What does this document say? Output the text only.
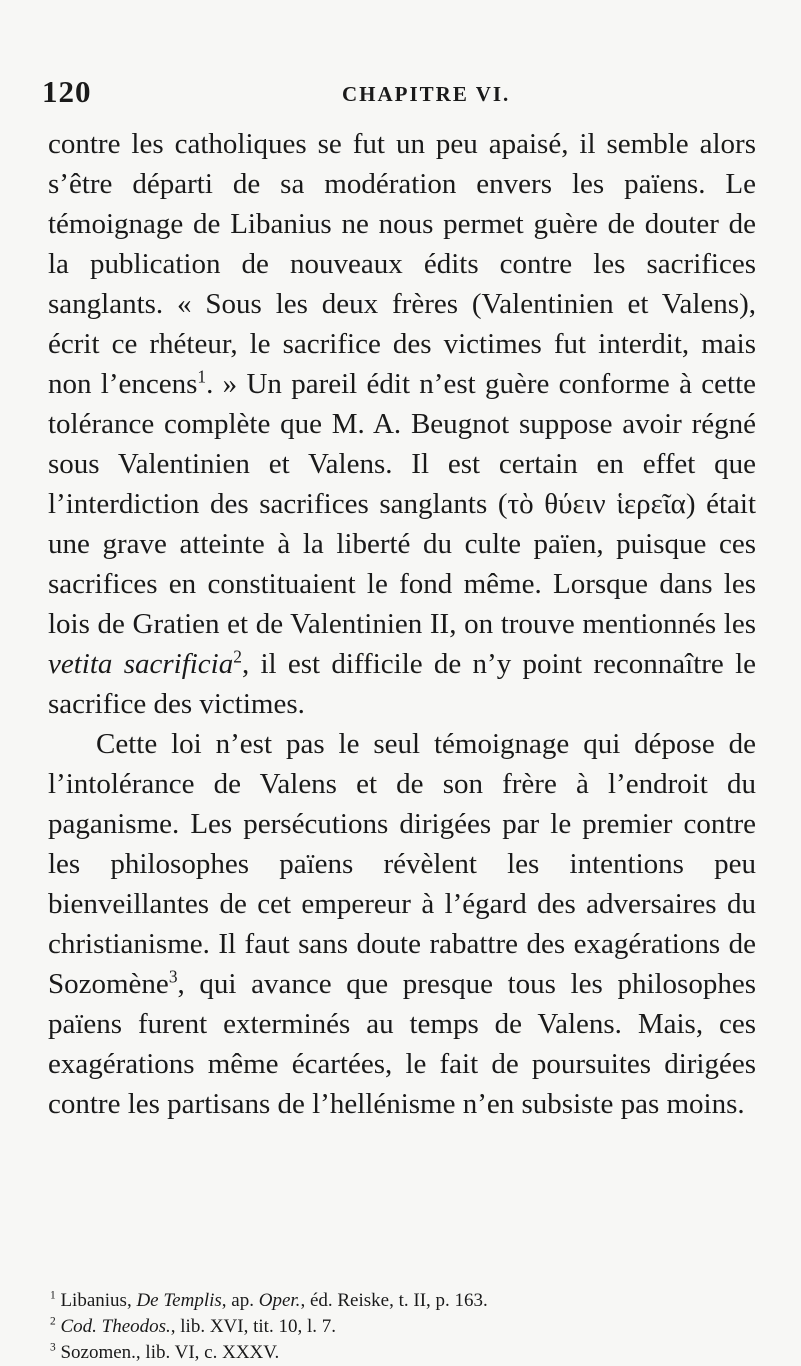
120	CHAPITRE VI.

contre les catholiques se fut un peu apaisé, il semble alors s’être départi de sa modération envers les païens. Le témoignage de Libanius ne nous permet guère de douter de la publication de nouveaux édits contre les sacrifices sanglants. « Sous les deux frères (Valentinien et Valens), écrit ce rhéteur, le sacrifice des victimes fut interdit, mais non l’encens$^1$. » Un pareil édit n’est guère conforme à cette tolérance complète que M. A. Beugnot suppose avoir régné sous Valentinien et Valens. Il est certain en effet que l’interdiction des sacrifices sanglants (τὸ θύειν ἱερεῖα) était une grave atteinte à la liberté du culte païen, puisque ces sacrifices en constituaient le fond même. Lorsque dans les lois de Gratien et de Valentinien II, on trouve mentionnés les vetita sacrificia$^2$, il est difficile de n’y point reconnaître le sacrifice des victimes.

Cette loi n’est pas le seul témoignage qui dépose de l’intolérance de Valens et de son frère à l’endroit du paganisme. Les persécutions dirigées par le premier contre les philosophes païens révèlent les intentions peu bienveillantes de cet empereur à l’égard des adversaires du christianisme. Il faut sans doute rabattre des exagérations de Sozomène$^3$, qui avance que presque tous les philosophes païens furent exterminés au temps de Valens. Mais, ces exagérations même écartées, le fait de poursuites dirigées contre les partisans de l’hellénisme n’en subsiste pas moins.

$^1$ Libanius, De Templis, ap. Oper., éd. Reiske, t. II, p. 163.
$^2$ Cod. Theodos., lib. XVI, tit. 10, l. 7.
$^3$ Sozomen., lib. VI, c. XXXV.
